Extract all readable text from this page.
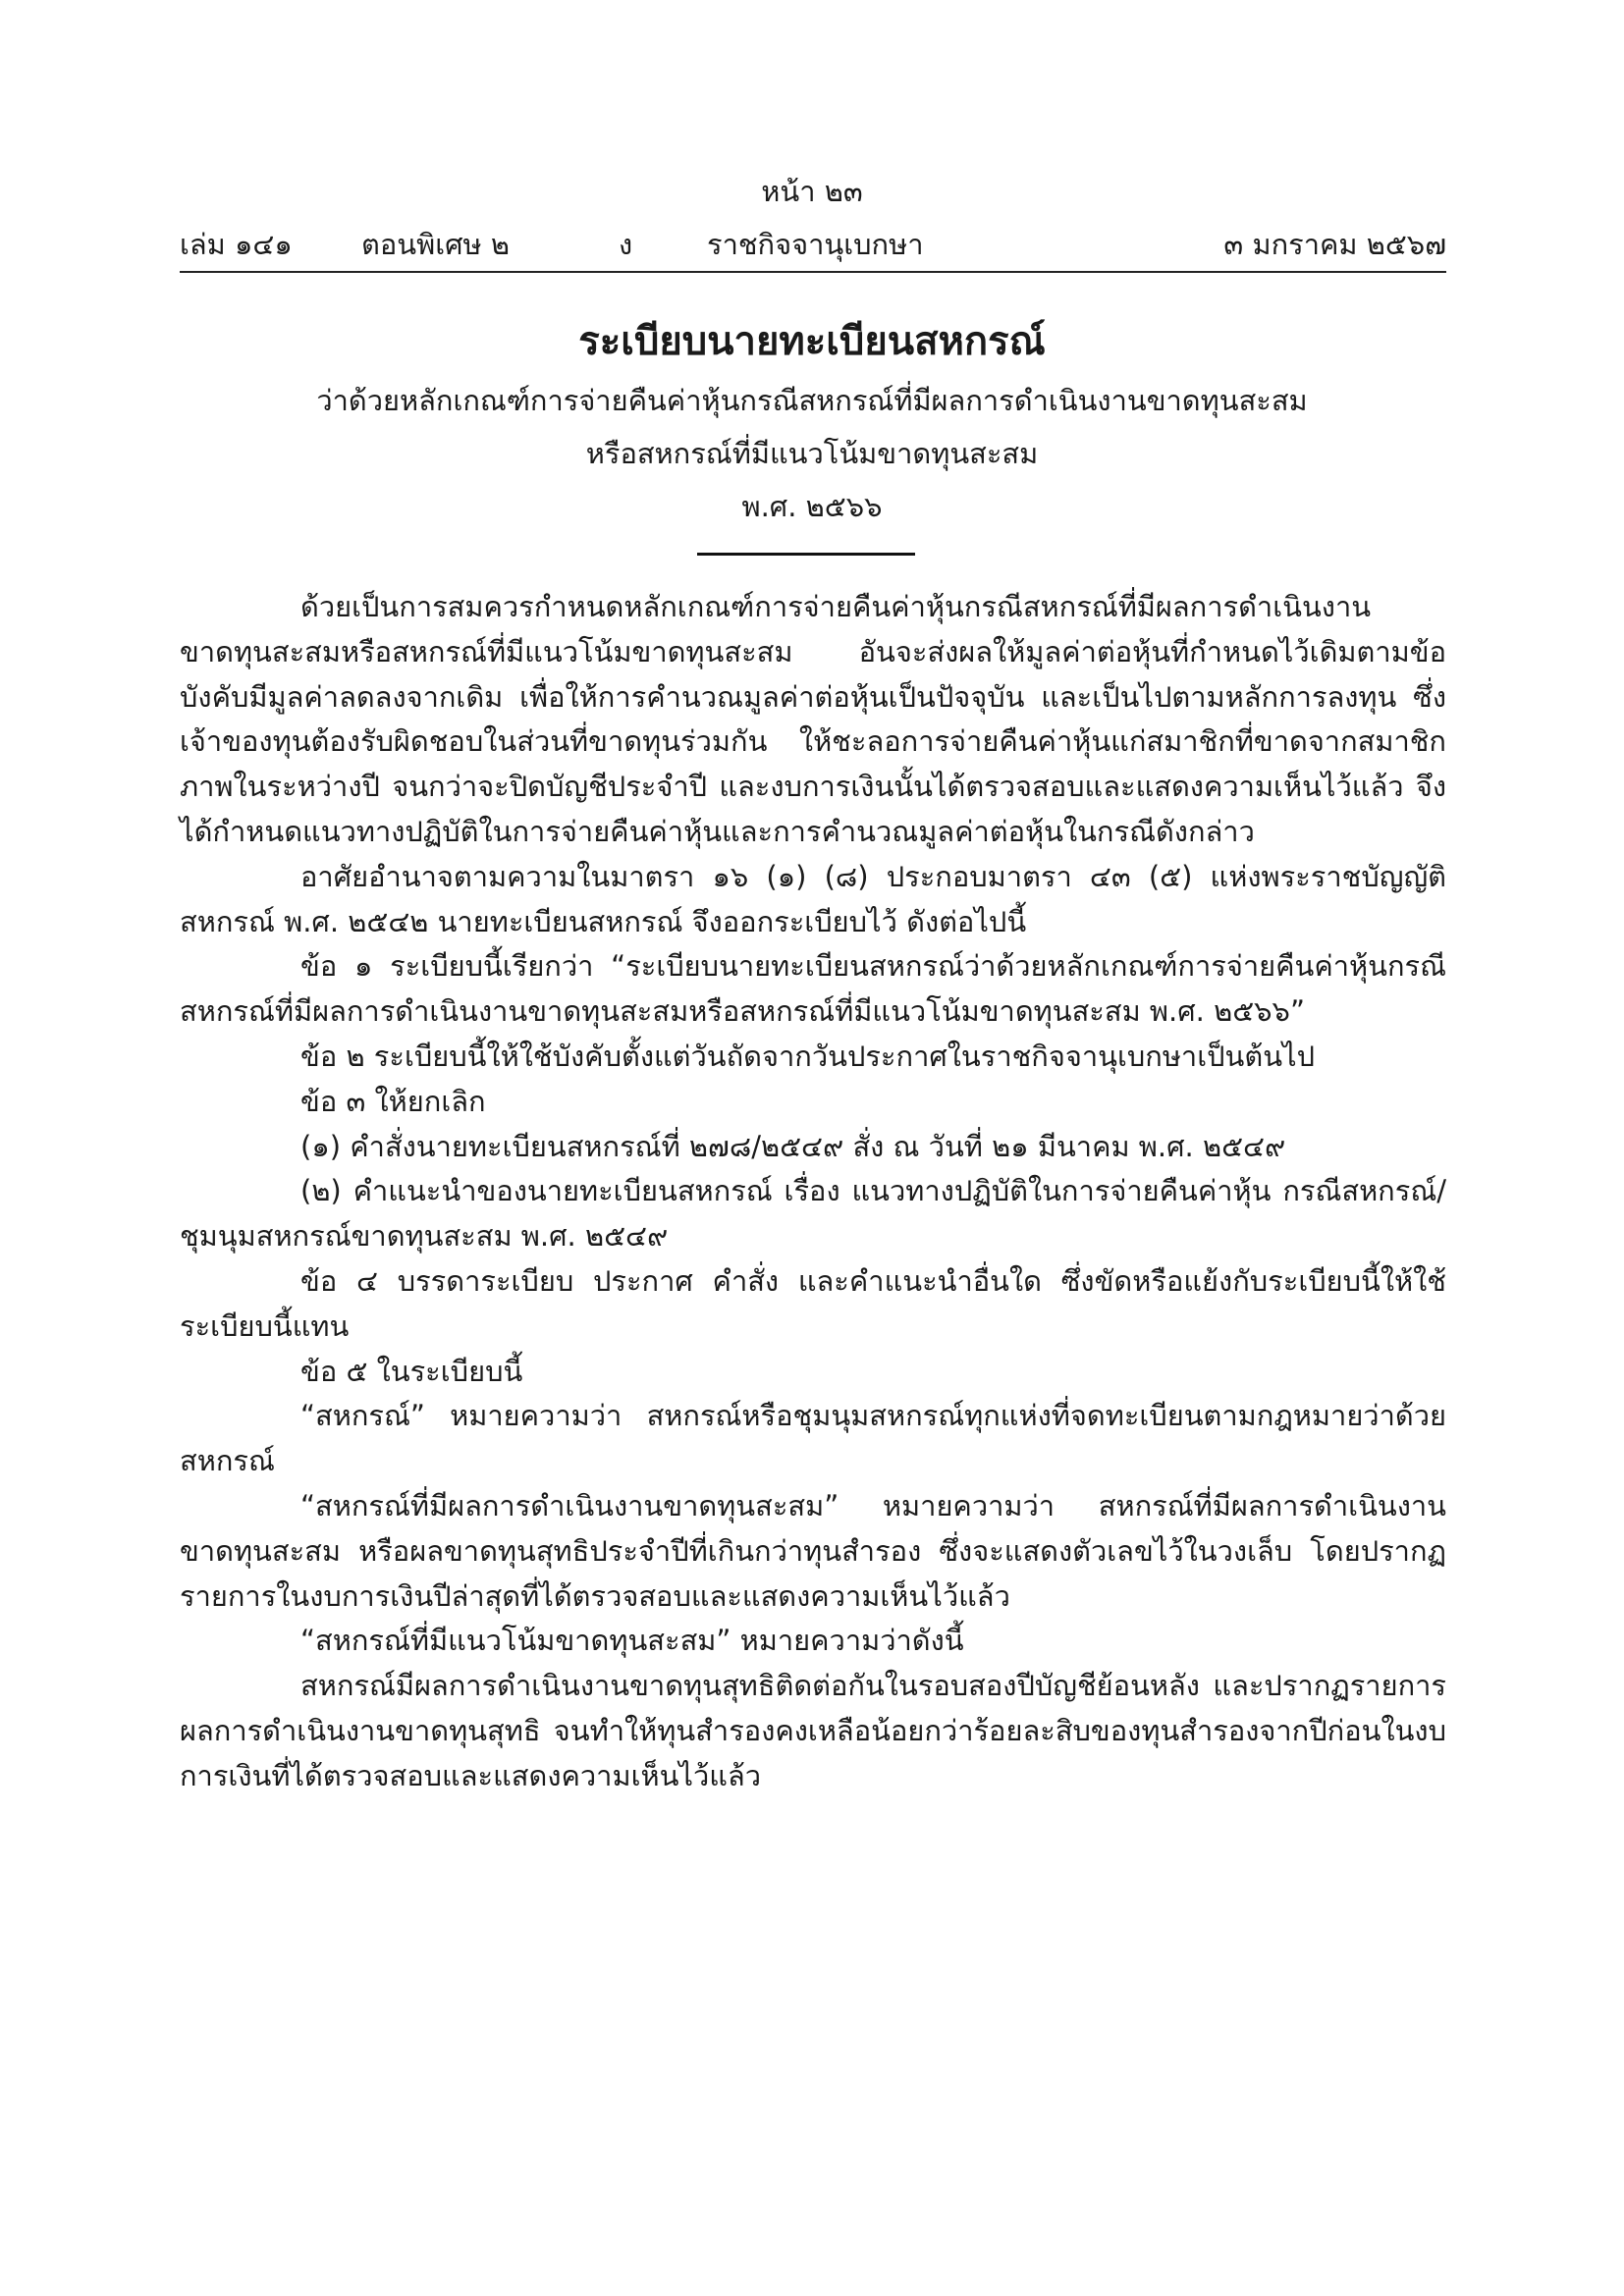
หน้า ๒๓
เล่ม ๑๔๑ ตอนพิเศษ ๒	ง	ราชกิจจานุเบกษา	๓ มกราคม ๒๕๖๗

ระเบียบนายทะเบียนสหกรณ์

ว่าด้วยหลักเกณฑ์การจ่ายคืนค่าหุ้นกรณีสหกรณ์ที่มีผลการดำเนินงานขาดทุนสะสม

หรือสหกรณ์ที่มีแนวโน้มขาดทุนสะสม

พ.ศ. ๒๕๖๖

ด้วยเป็นการสมควรกำหนดหลักเกณฑ์การจ่ายคืนค่าหุ้นกรณีสหกรณ์ที่มีผลการดำเนินงานขาดทุนสะสมหรือสหกรณ์ที่มีแนวโน้มขาดทุนสะสม อันจะส่งผลให้มูลค่าต่อหุ้นที่กำหนดไว้เดิมตามข้อบังคับมีมูลค่าลดลงจากเดิม เพื่อให้การคำนวณมูลค่าต่อหุ้นเป็นปัจจุบัน และเป็นไปตามหลักการลงทุน ซึ่งเจ้าของทุนต้องรับผิดชอบในส่วนที่ขาดทุนร่วมกัน ให้ชะลอการจ่ายคืนค่าหุ้นแก่สมาชิกที่ขาดจากสมาชิกภาพในระหว่างปี จนกว่าจะปิดบัญชีประจำปี และงบการเงินนั้นได้ตรวจสอบและแสดงความเห็นไว้แล้ว จึงได้กำหนดแนวทางปฏิบัติในการจ่ายคืนค่าหุ้นและการคำนวณมูลค่าต่อหุ้นในกรณีดังกล่าว

อาศัยอำนาจตามความในมาตรา ๑๖ (๑) (๘) ประกอบมาตรา ๔๓ (๕) แห่งพระราชบัญญัติสหกรณ์ พ.ศ. ๒๕๔๒ นายทะเบียนสหกรณ์ จึงออกระเบียบไว้ ดังต่อไปนี้

ข้อ ๑ ระเบียบนี้เรียกว่า “ระเบียบนายทะเบียนสหกรณ์ว่าด้วยหลักเกณฑ์การจ่ายคืนค่าหุ้นกรณีสหกรณ์ที่มีผลการดำเนินงานขาดทุนสะสมหรือสหกรณ์ที่มีแนวโน้มขาดทุนสะสม พ.ศ. ๒๕๖๖”

ข้อ ๒ ระเบียบนี้ให้ใช้บังคับตั้งแต่วันถัดจากวันประกาศในราชกิจจานุเบกษาเป็นต้นไป

ข้อ ๓ ให้ยกเลิก

(๑) คำสั่งนายทะเบียนสหกรณ์ที่ ๒๗๘/๒๕๔๙ สั่ง ณ วันที่ ๒๑ มีนาคม พ.ศ. ๒๕๔๙

(๒) คำแนะนำของนายทะเบียนสหกรณ์ เรื่อง แนวทางปฏิบัติในการจ่ายคืนค่าหุ้น กรณีสหกรณ์/ชุมนุมสหกรณ์ขาดทุนสะสม พ.ศ. ๒๕๔๙

ข้อ ๔ บรรดาระเบียบ ประกาศ คำสั่ง และคำแนะนำอื่นใด ซึ่งขัดหรือแย้งกับระเบียบนี้ให้ใช้ระเบียบนี้แทน

ข้อ ๕ ในระเบียบนี้

“สหกรณ์” หมายความว่า สหกรณ์หรือชุมนุมสหกรณ์ทุกแห่งที่จดทะเบียนตามกฎหมายว่าด้วยสหกรณ์

“สหกรณ์ที่มีผลการดำเนินงานขาดทุนสะสม” หมายความว่า สหกรณ์ที่มีผลการดำเนินงานขาดทุนสะสม หรือผลขาดทุนสุทธิประจำปีที่เกินกว่าทุนสำรอง ซึ่งจะแสดงตัวเลขไว้ในวงเล็บ โดยปรากฏรายการในงบการเงินปีล่าสุดที่ได้ตรวจสอบและแสดงความเห็นไว้แล้ว

“สหกรณ์ที่มีแนวโน้มขาดทุนสะสม” หมายความว่าดังนี้

สหกรณ์มีผลการดำเนินงานขาดทุนสุทธิติดต่อกันในรอบสองปีบัญชีย้อนหลัง และปรากฏรายการผลการดำเนินงานขาดทุนสุทธิ จนทำให้ทุนสำรองคงเหลือน้อยกว่าร้อยละสิบของทุนสำรองจากปีก่อนในงบการเงินที่ได้ตรวจสอบและแสดงความเห็นไว้แล้ว
